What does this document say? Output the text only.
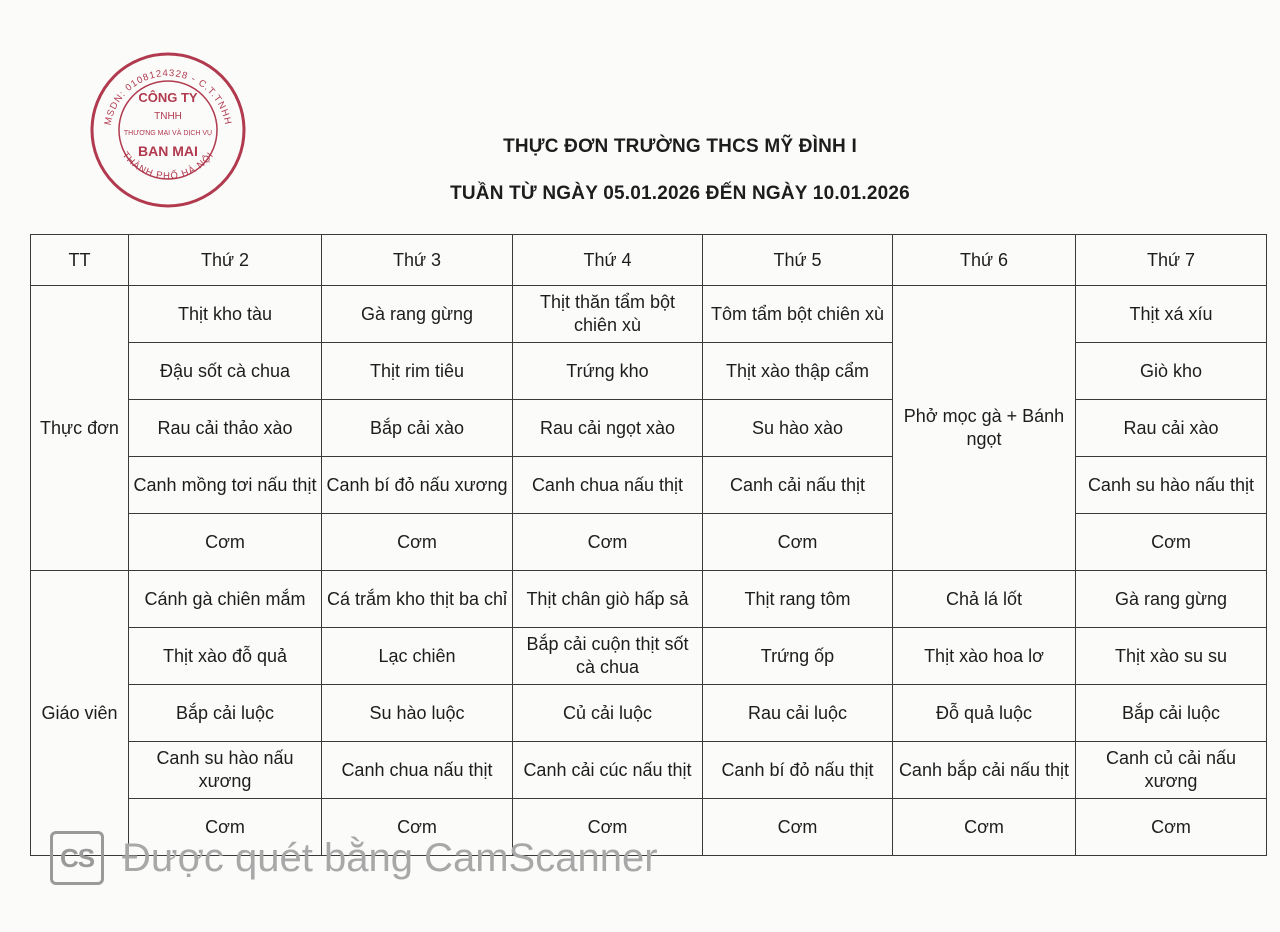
MSDN: 0108124328 - C.T.TNHH
THÀNH PHỐ HÀ NỘI
CÔNG TY
TNHH
THƯƠNG MẠI VÀ DỊCH VỤ
BAN MAI	THỰC ĐƠN TRƯỜNG THCS MỸ ĐÌNH I
TUẦN TỪ NGÀY 05.01.2026 ĐẾN NGÀY 10.01.2026
TT	Thứ 2	Thứ 3	Thứ 4	Thứ 5	Thứ 6	Thứ 7
Thực đơn	Thịt kho tàu	Gà rang gừng	Thịt thăn tẩm bột chiên xù	Tôm tẩm bột chiên xù	Phở mọc gà + Bánh ngọt	Thịt xá xíu
	Đậu sốt cà chua	Thịt rim tiêu	Trứng kho	Thịt xào thập cẩm		Giò kho
	Rau cải thảo xào	Bắp cải xào	Rau cải ngọt xào	Su hào xào		Rau cải xào
	Canh mồng tơi nấu thịt	Canh bí đỏ nấu xương	Canh chua nấu thịt	Canh cải nấu thịt		Canh su hào nấu thịt
	Cơm	Cơm	Cơm	Cơm		Cơm
Giáo viên	Cánh gà chiên mắm	Cá trắm kho thịt ba chỉ	Thịt chân giò hấp sả	Thịt rang tôm	Chả lá lốt	Gà rang gừng
	Thịt xào đỗ quả	Lạc chiên	Bắp cải cuộn thịt sốt cà chua	Trứng ốp	Thịt xào hoa lơ	Thịt xào su su
	Bắp cải luộc	Su hào luộc	Củ cải luộc	Rau cải luộc	Đỗ quả luộc	Bắp cải luộc
	Canh su hào nấu xương	Canh chua nấu thịt	Canh cải cúc nấu thịt	Canh bí đỏ nấu thịt	Canh bắp cải nấu thịt	Canh củ cải nấu xương
	Cơm	Cơm	Cơm	Cơm	Cơm	Cơm
CS Được quét bằng CamScanner
